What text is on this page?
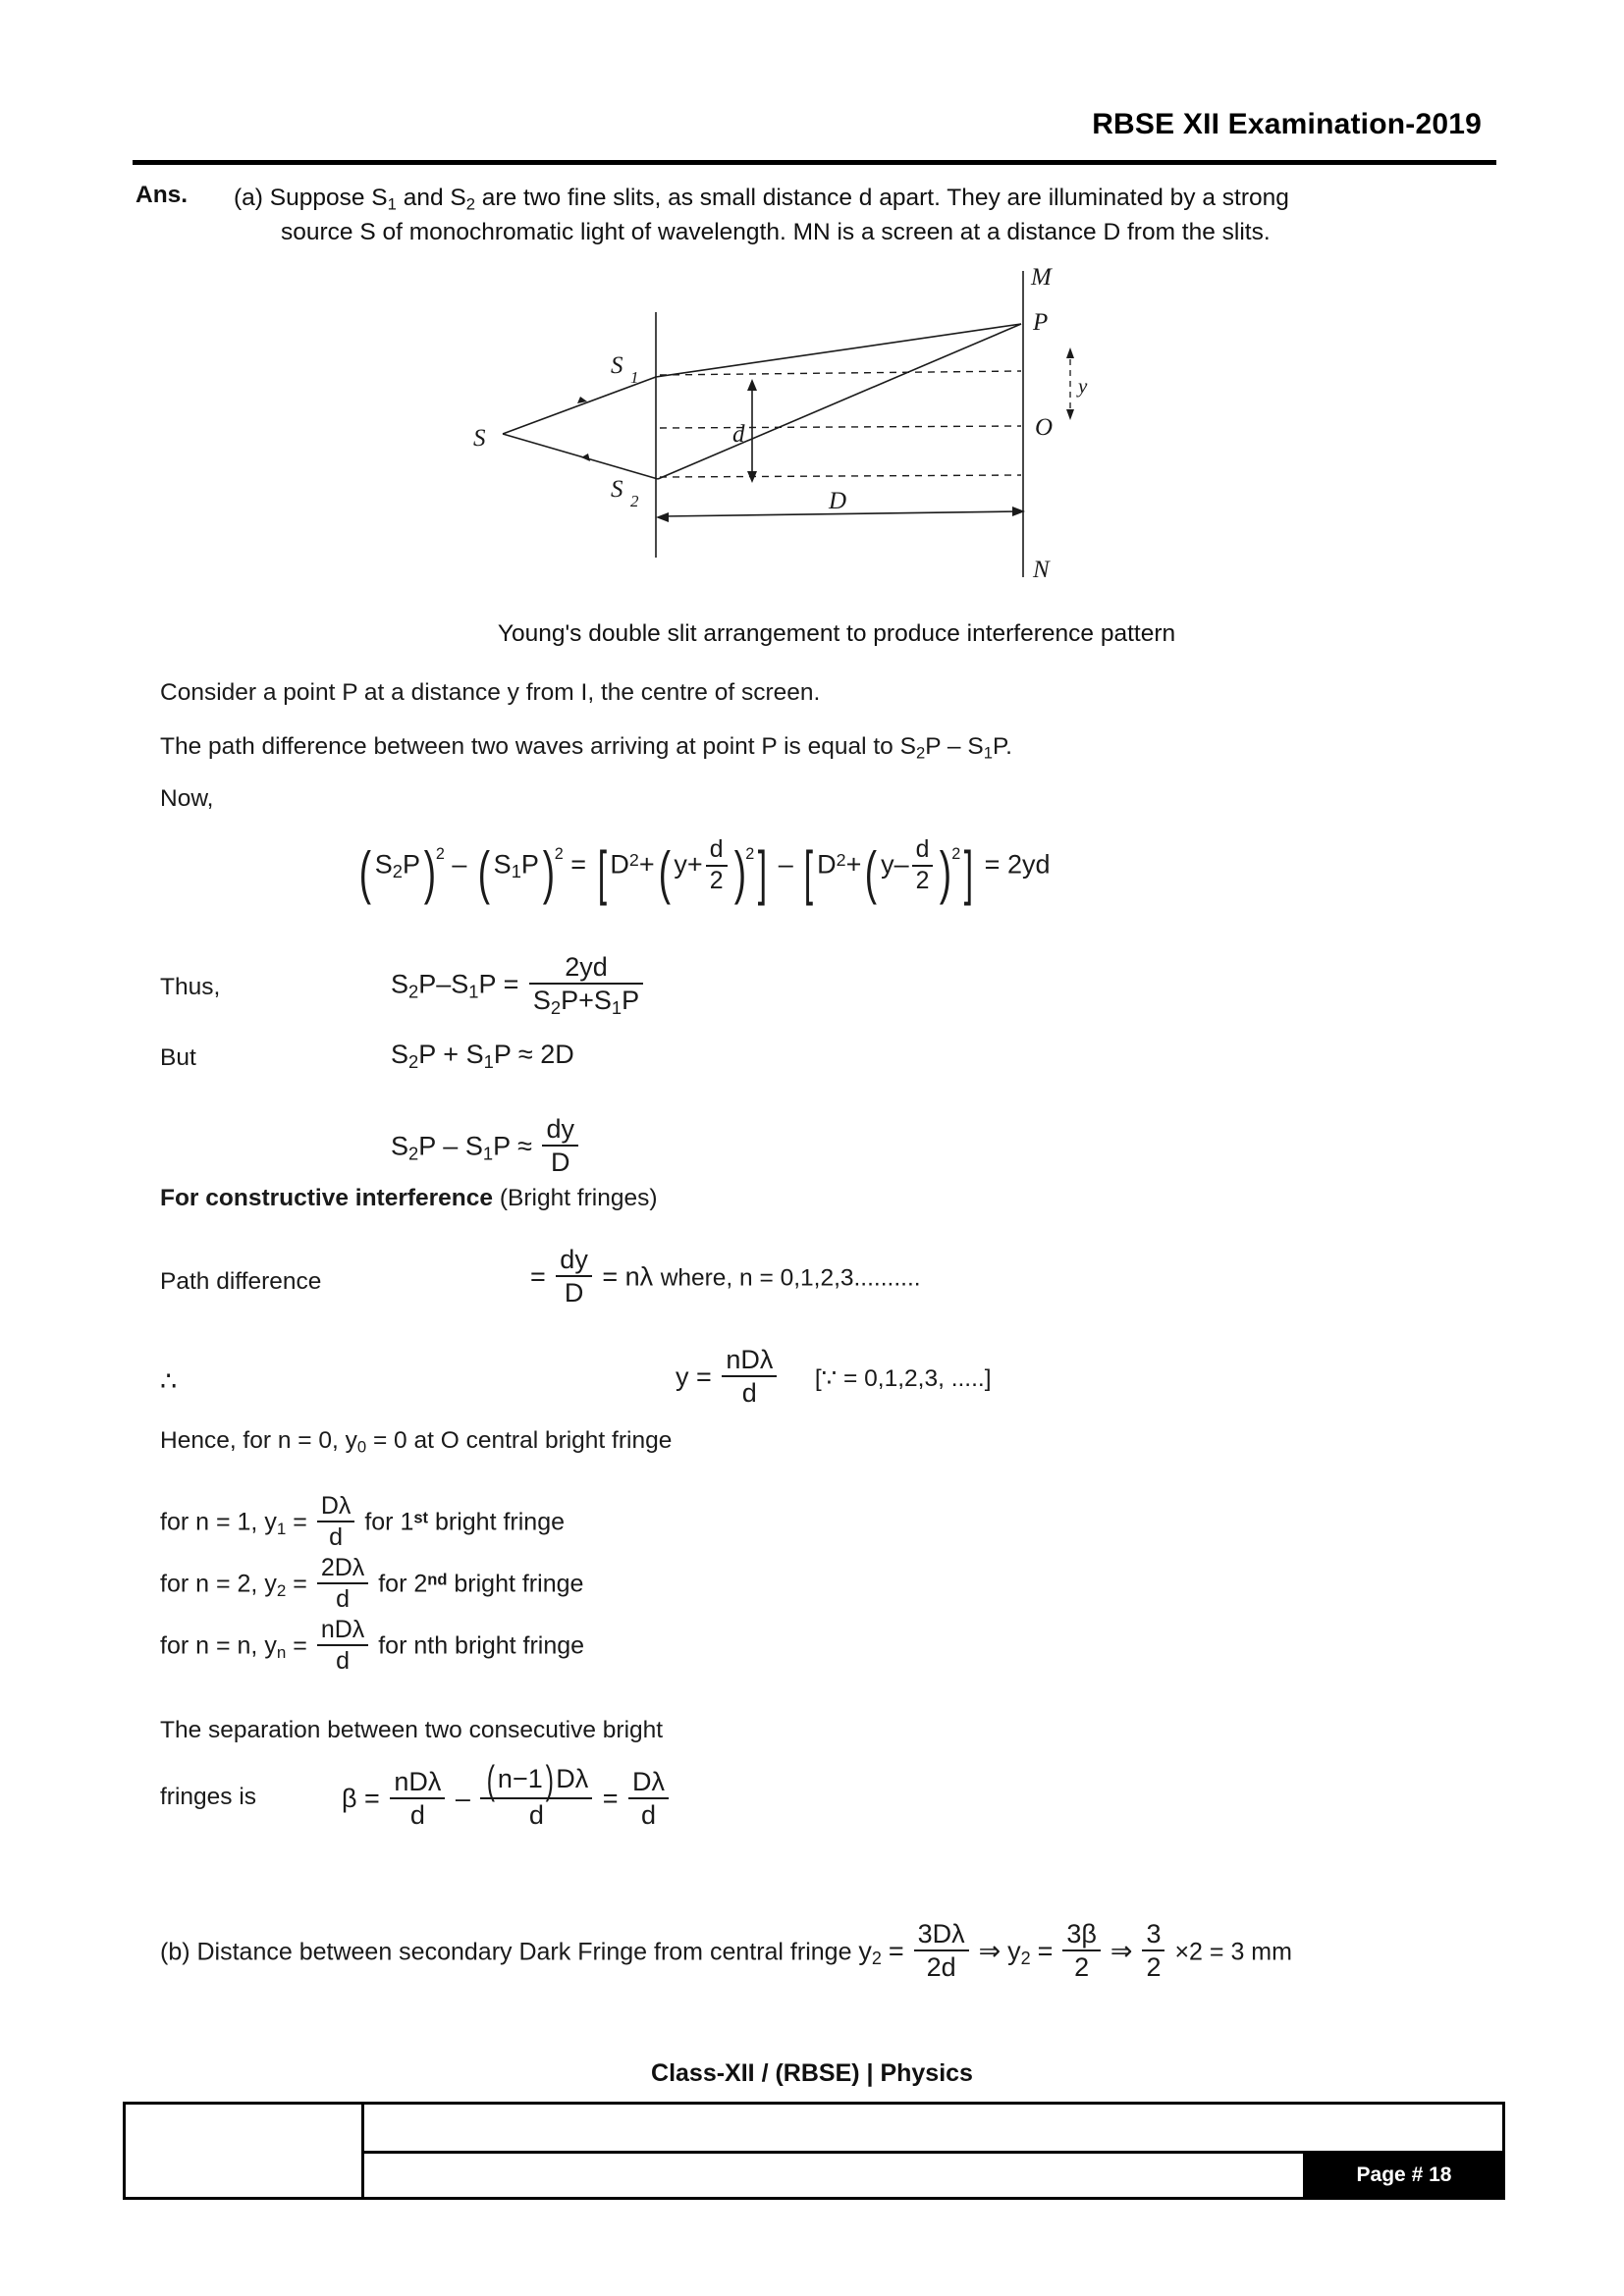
RBSE XII Examination-2019
Ans. (a) Suppose $S_1$ and $S_2$ are two fine slits, as small distance d apart. They are illuminated by a strong
source S of monochromatic light of wavelength. MN is a screen at a distance D from the slits.
S
S 1
S 2
M
N
P
O
d
D
y
Young's double slit arrangement to produce interference pattern
Consider a point P at a distance y from I, the centre of screen.
The path difference between two waves arriving at point P is equal to $S_2P - S_1P$.
Now,
( $S_2P)2$ – ( $S_1P)2$ = [ $D^2+$( $y+ \frac{d}{2} )2$] – [ $D^2+$( $y- \frac{d}{2} )2] = 2yd$
Thus,	$S_2P-S_1P = \frac{2yd}{S_2P+S_1P}$
But	$S_2P + S_1P \approx 2D$
$S_2P - S_1P \approx \frac{dy}{D}$
For constructive interference (Bright fringes)
Path difference	= $\frac{dy}{D} = n\lambda$ where, n = 0,1,2,3..........
∴	$y = \frac{\text{nDλ}}{d}$ [∵ = 0,1,2,3, .....]
Hence, for n = 0, $y_0 = 0$ at O central bright fringe
for n = 1, $y_1 = \frac{D\lambda}{d}$ for 1st bright fringe
for n = 2, $y_2 = \frac{2D\lambda}{d}$ for 2nd bright fringe
for n = n, $y_n = \frac{\text{nDλ}}{d}$ for nth bright fringe
The separation between two consecutive bright
fringes is	$\beta = \frac{\text{nDλ}}{d} - \frac{(n-1)D\lambda}{d} = \frac{D\lambda}{d}$
(b) Distance between secondary Dark Fringe from central fringe $y_2 = \frac{3D\lambda}{2d}$ ⇒ $y_2 = \frac{3\beta}{2}$ ⇒ $\frac{3}{2} \times 2 = 3$ mm
Class-XII / (RBSE) | Physics
Page # 18
